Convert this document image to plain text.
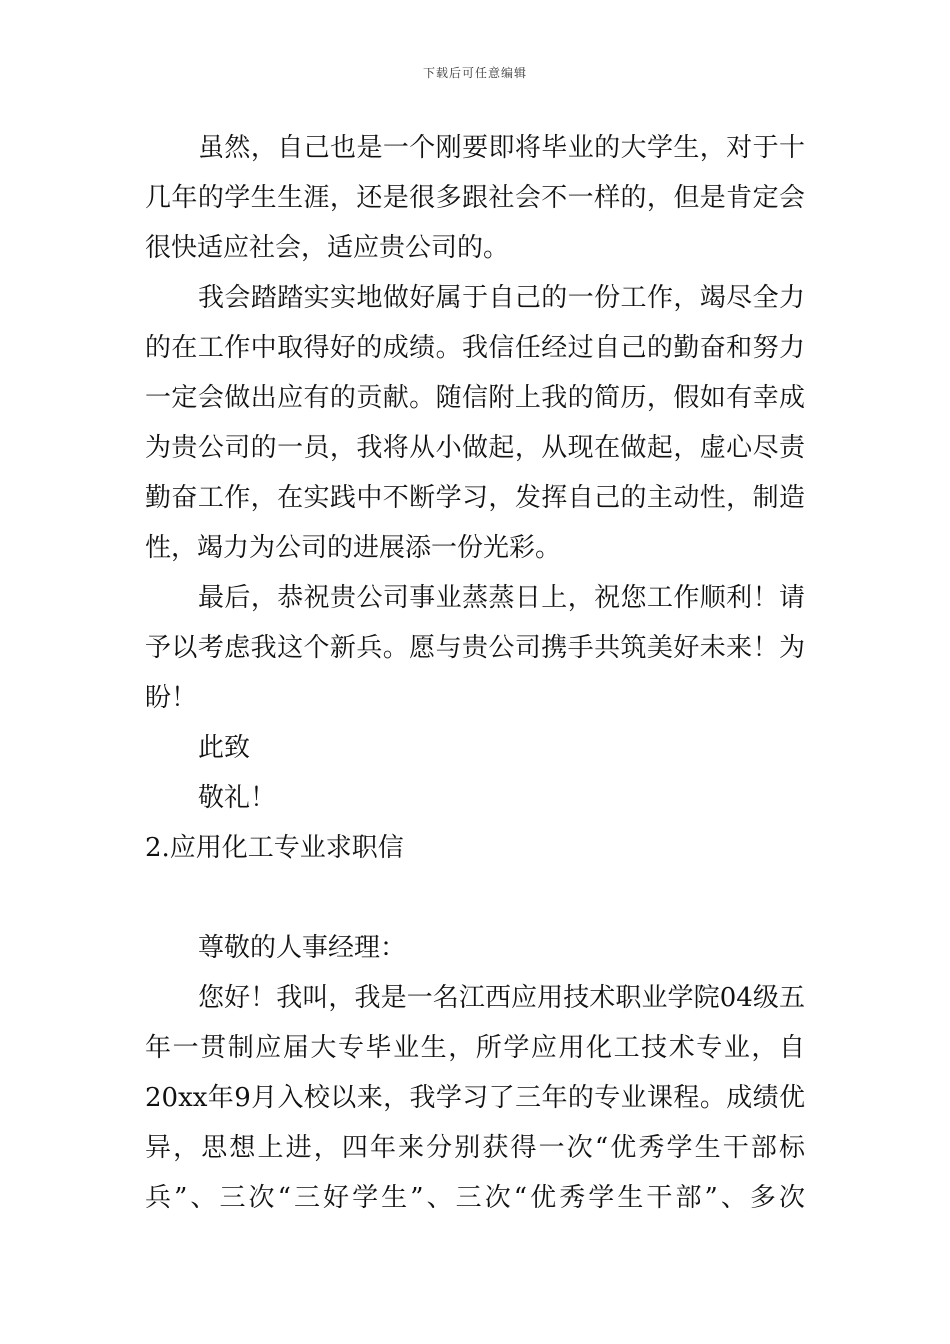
下载后可任意编辑
虽然，自己也是一个刚要即将毕业的大学生，对于十
几年的学生生涯，还是很多跟社会不一样的，但是肯定会
很快适应社会，适应贵公司的。
我会踏踏实实地做好属于自己的一份工作，竭尽全力
的在工作中取得好的成绩。我信任经过自己的勤奋和努力
一定会做出应有的贡献。随信附上我的简历，假如有幸成
为贵公司的一员，我将从小做起，从现在做起，虚心尽责
勤奋工作，在实践中不断学习，发挥自己的主动性，制造
性，竭力为公司的进展添一份光彩。
最后，恭祝贵公司事业蒸蒸日上，祝您工作顺利！请
予以考虑我这个新兵。愿与贵公司携手共筑美好未来！为
盼！
此致
敬礼！
2.应用化工专业求职信
尊敬的人事经理：
您好！我叫，我是一名江西应用技术职业学院04级五
年一贯制应届大专毕业生，所学应用化工技术专业，自
20xx年9月入校以来，我学习了三年的专业课程。成绩优
异，思想上进，四年来分别获得一次“优秀学生干部标
兵”、三次“三好学生”、三次“优秀学生干部”、多次
